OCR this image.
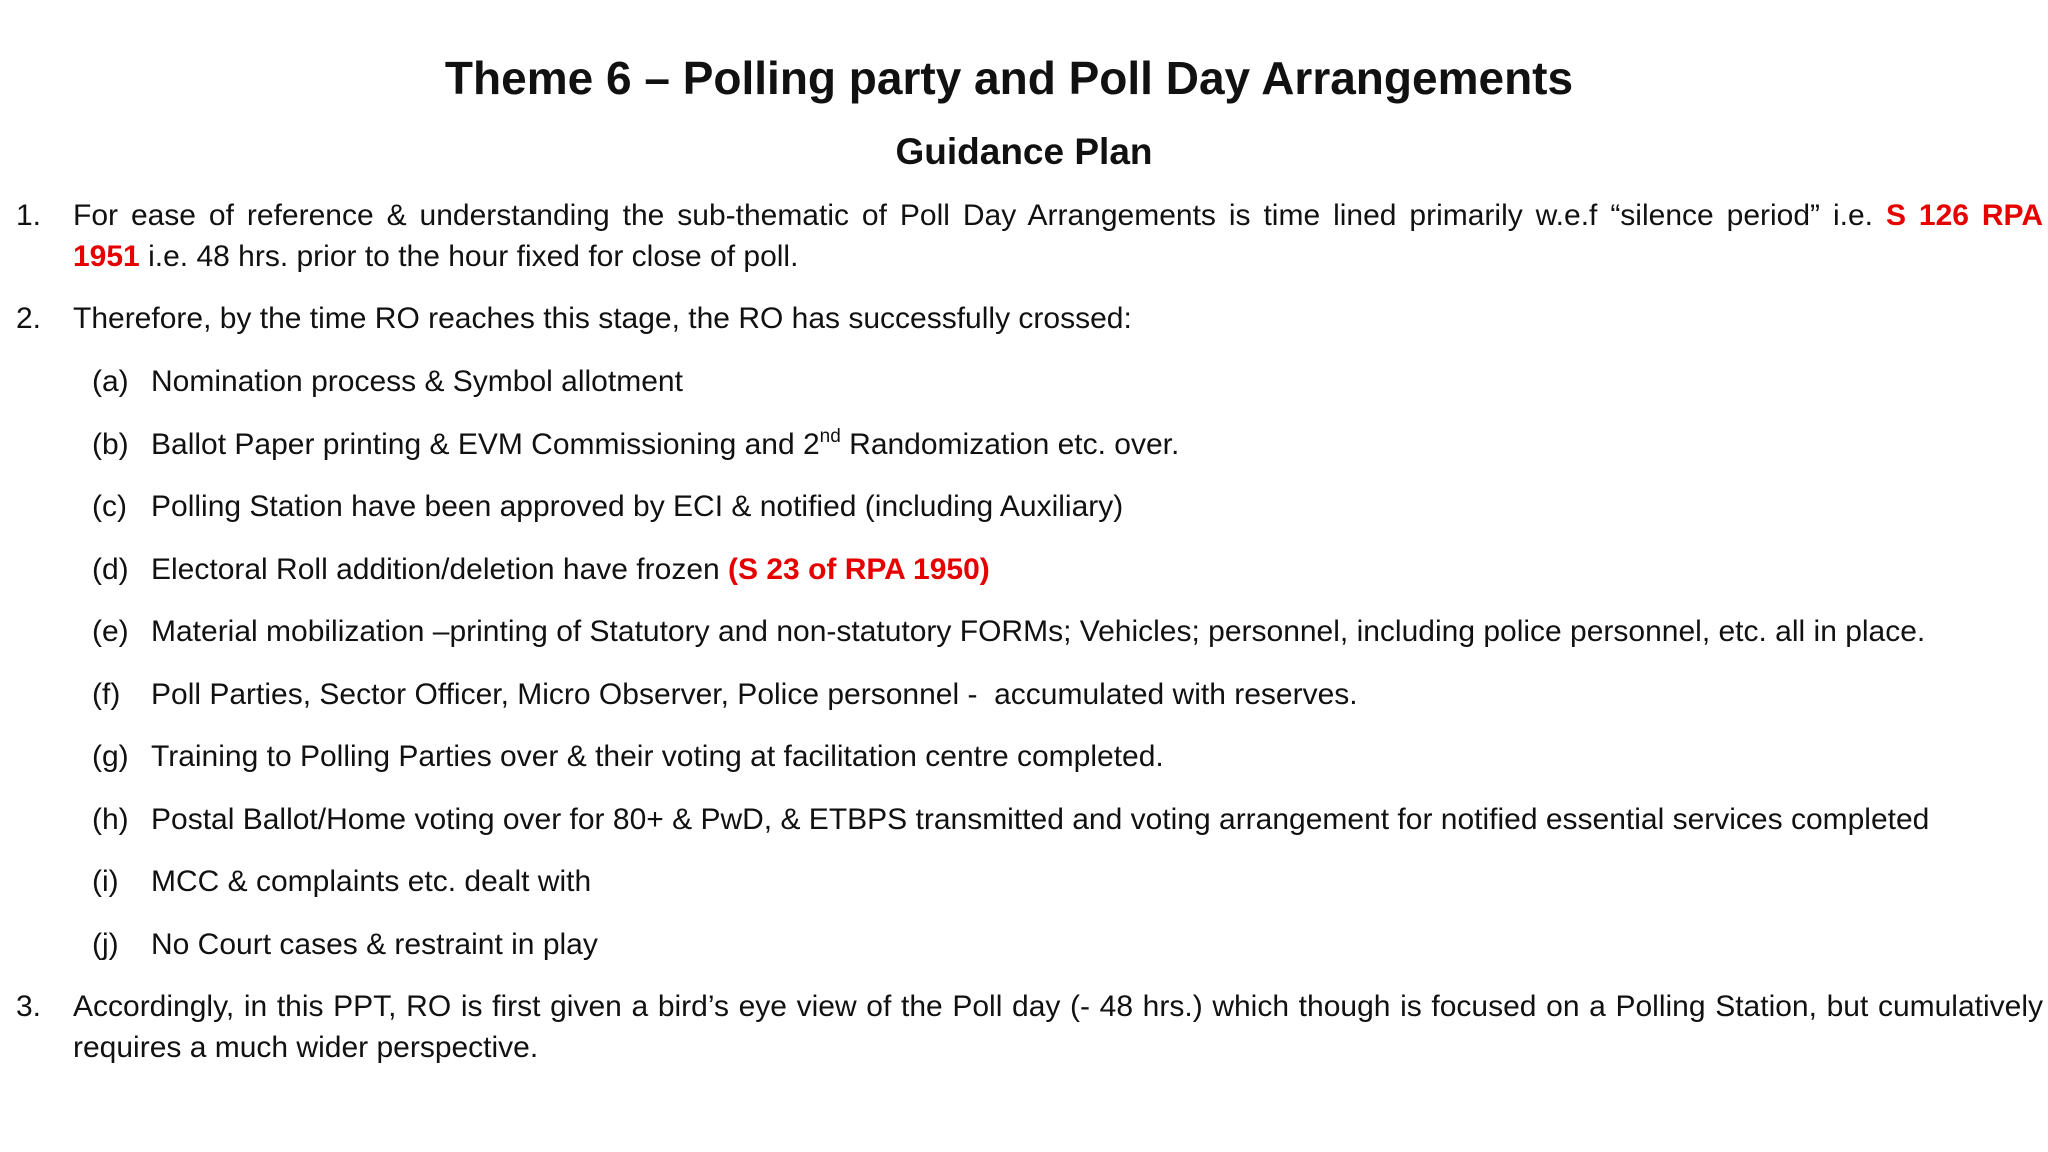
Theme 6 – Polling party and Poll Day Arrangements
Guidance Plan
1. For ease of reference & understanding the sub-thematic of Poll Day Arrangements is time lined primarily w.e.f “silence period” i.e. S 126 RPA
1951 i.e. 48 hrs. prior to the hour fixed for close of poll.
2. Therefore, by the time RO reaches this stage, the RO has successfully crossed:
(a) Nomination process & Symbol allotment
(b) Ballot Paper printing & EVM Commissioning and 2nd Randomization etc. over.
(c) Polling Station have been approved by ECI & notified (including Auxiliary)
(d) Electoral Roll addition/deletion have frozen (S 23 of RPA 1950)
(e) Material mobilization –printing of Statutory and non-statutory FORMs; Vehicles; personnel, including police personnel, etc. all in place.
(f) Poll Parties, Sector Officer, Micro Observer, Police personnel -  accumulated with reserves.
(g) Training to Polling Parties over & their voting at facilitation centre completed.
(h) Postal Ballot/Home voting over for 80+ & PwD, & ETBPS transmitted and voting arrangement for notified essential services completed
(i) MCC & complaints etc. dealt with
(j) No Court cases & restraint in play
3. Accordingly, in this PPT, RO is first given a bird’s eye view of the Poll day (- 48 hrs.) which though is focused on a Polling Station, but cumulatively requires a much wider perspective.
